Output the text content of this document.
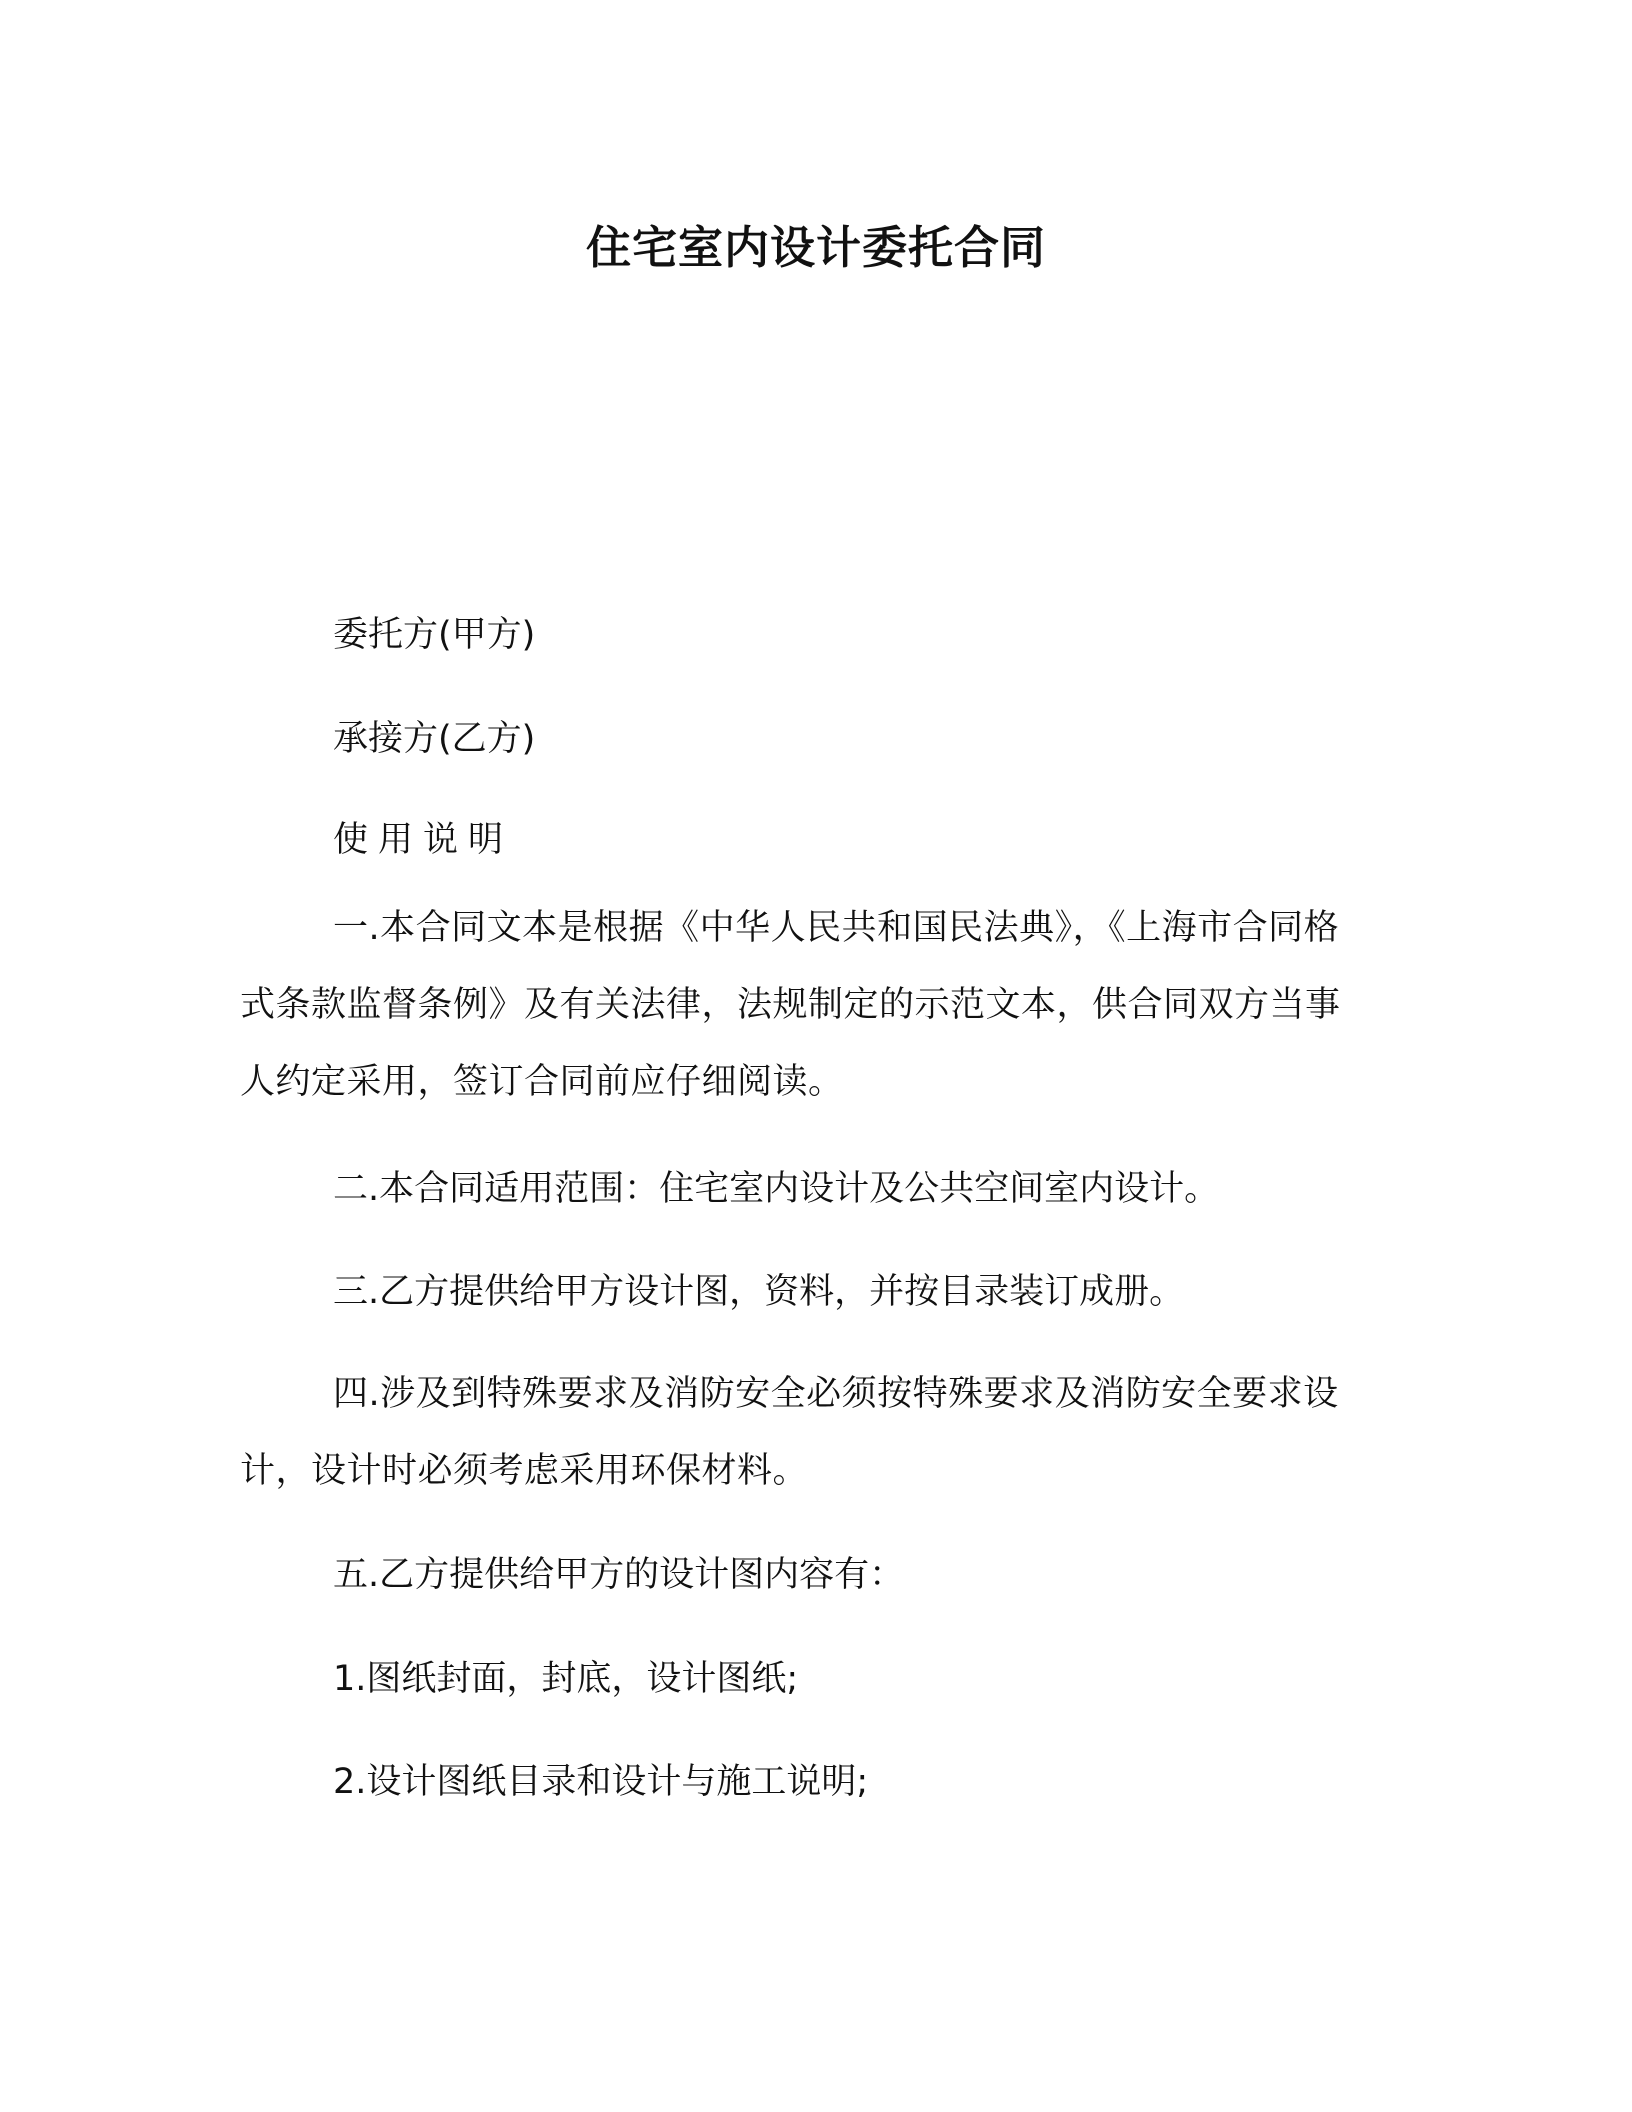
住宅室内设计委托合同

委托方(甲方)

承接方(乙方)

使用说明

一.本合同文本是根据《中华人民共和国民法典》，《上海市合同格式条款监督条例》及有关法律，法规制定的示范文本，供合同双方当事人约定采用，签订合同前应仔细阅读。

二.本合同适用范围：住宅室内设计及公共空间室内设计。

三.乙方提供给甲方设计图，资料，并按目录装订成册。

四.涉及到特殊要求及消防安全必须按特殊要求及消防安全要求设计，设计时必须考虑采用环保材料。

五.乙方提供给甲方的设计图内容有：

1.图纸封面，封底，设计图纸;

2.设计图纸目录和设计与施工说明;
